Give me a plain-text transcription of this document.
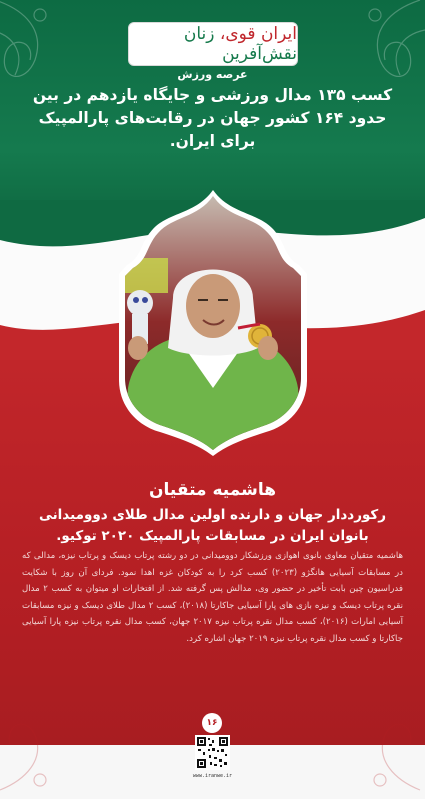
ایران قوی، زنان نقش‌آفرین
عرصه ورزش
کسب ۱۳۵ مدال ورزشی و جایگاه یازدهم در بین حدود ۱۶۴ کشور جهان در رقابت‌های پارالمپیک برای ایران.
هاشمیه متقیان
رکورددار جهان و دارنده اولین مدال طلای دوومیدانی بانوان ایران در مسابقات پارالمپیک ۲۰۲۰ توکیو.
هاشمیه متقیان معاوی بانوی اهوازی ورزشکار دوومیدانی در دو رشته پرتاب دیسک و پرتاب نیزه، مدالی که در مسابقات آسیایی هانگژو (۲۰۲۳) کسب کرد را به کودکان غزه اهدا نمود. فردای آن روز با شکایت فدراسیون چین بابت تأخیر در حضور وی، مدالش پس گرفته شد. از افتخارات او میتوان به کسب ۲ مدال نقره پرتاب دیسک و نیزه بازی های پارا آسیایی جاکارتا (۲۰۱۸)، کسب ۲ مدال طلای دیسک و نیزه مسابقات آسیایی امارات (۲۰۱۶)، کسب مدال نقره پرتاب نیزه ۲۰۱۷ جهان، کسب مدال نقره پرتاب نیزه پارا آسیایی جاکارتا و کسب مدال نقره پرتاب نیزه ۲۰۱۹ جهان اشاره کرد.
۱۶
www.iranwe.ir
